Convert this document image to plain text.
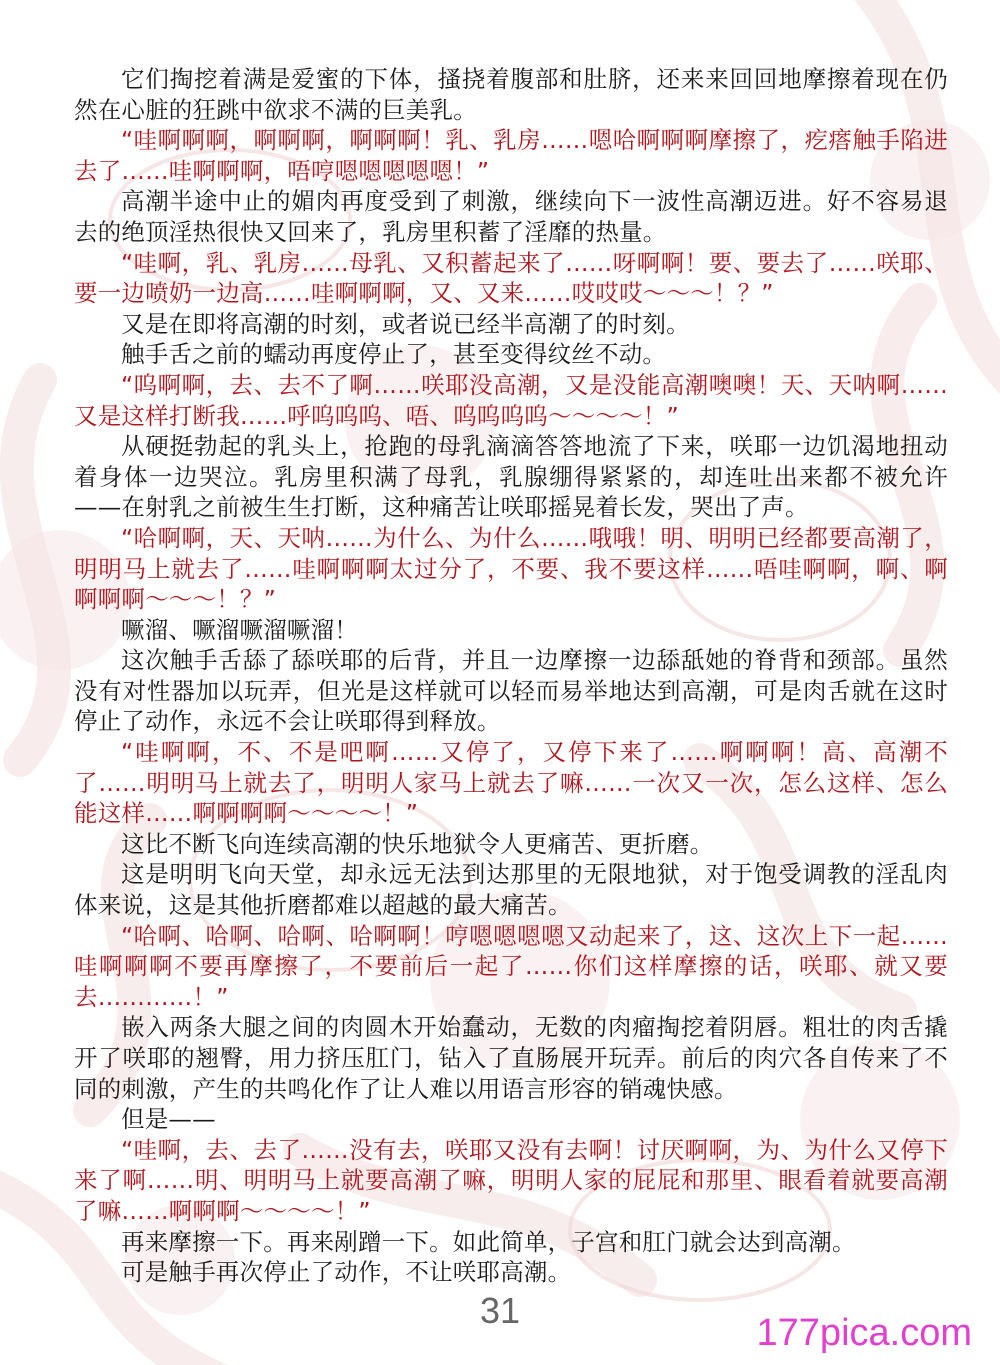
它们掏挖着满是爱蜜的下体，搔挠着腹部和肚脐，还来来回回地摩擦着现在仍然在心脏的狂跳中欲求不满的巨美乳。

“哇啊啊啊，啊啊啊，啊啊啊！乳、乳房……嗯哈啊啊啊摩擦了，疙瘩触手陷进去了……哇啊啊啊，唔哼嗯嗯嗯嗯嗯！”

高潮半途中止的媚肉再度受到了刺激，继续向下一波性高潮迈进。好不容易退去的绝顶淫热很快又回来了，乳房里积蓄了淫靡的热量。

“哇啊，乳、乳房……母乳、又积蓄起来了……呀啊啊！要、要去了……咲耶、要一边喷奶一边高……哇啊啊啊，又、又来……哎哎哎～～～！？”

又是在即将高潮的时刻，或者说已经半高潮了的时刻。

触手舌之前的蠕动再度停止了，甚至变得纹丝不动。

“呜啊啊，去、去不了啊……咲耶没高潮，又是没能高潮噢噢！天、天呐啊……又是这样打断我……呼呜呜呜、唔、呜呜呜呜～～～～！”

从硬挺勃起的乳头上，抢跑的母乳滴滴答答地流了下来，咲耶一边饥渴地扭动着身体一边哭泣。乳房里积满了母乳，乳腺绷得紧紧的，却连吐出来都不被允许——在射乳之前被生生打断，这种痛苦让咲耶摇晃着长发，哭出了声。

“哈啊啊，天、天呐……为什么、为什么……哦哦！明、明明已经都要高潮了，明明马上就去了……哇啊啊啊太过分了，不要、我不要这样……唔哇啊啊，啊、啊啊啊啊～～～！？”

噘溜、噘溜噘溜噘溜！

这次触手舌舔了舔咲耶的后背，并且一边摩擦一边舔舐她的脊背和颈部。虽然没有对性器加以玩弄，但光是这样就可以轻而易举地达到高潮，可是肉舌就在这时停止了动作，永远不会让咲耶得到释放。

“哇啊啊，不、不是吧啊……又停了，又停下来了……啊啊啊！高、高潮不了……明明马上就去了，明明人家马上就去了嘛……一次又一次，怎么这样、怎么能这样……啊啊啊啊～～～～！”

这比不断飞向连续高潮的快乐地狱令人更痛苦、更折磨。

这是明明飞向天堂，却永远无法到达那里的无限地狱，对于饱受调教的淫乱肉体来说，这是其他折磨都难以超越的最大痛苦。

“哈啊、哈啊、哈啊、哈啊啊！哼嗯嗯嗯嗯又动起来了，这、这次上下一起……哇啊啊啊不要再摩擦了，不要前后一起了……你们这样摩擦的话，咲耶、就又要去…………！”

嵌入两条大腿之间的肉圆木开始蠢动，无数的肉瘤掏挖着阴唇。粗壮的肉舌撬开了咲耶的翘臀，用力挤压肛门，钻入了直肠展开玩弄。前后的肉穴各自传来了不同的刺激，产生的共鸣化作了让人难以用语言形容的销魂快感。

但是——

“哇啊，去、去了……没有去，咲耶又没有去啊！讨厌啊啊，为、为什么又停下来了啊……明、明明马上就要高潮了嘛，明明人家的屁屁和那里、眼看着就要高潮了嘛……啊啊啊～～～～！”

再来摩擦一下。再来剐蹭一下。如此简单，子宫和肛门就会达到高潮。

可是触手再次停止了动作，不让咲耶高潮。

31
177pica.com
